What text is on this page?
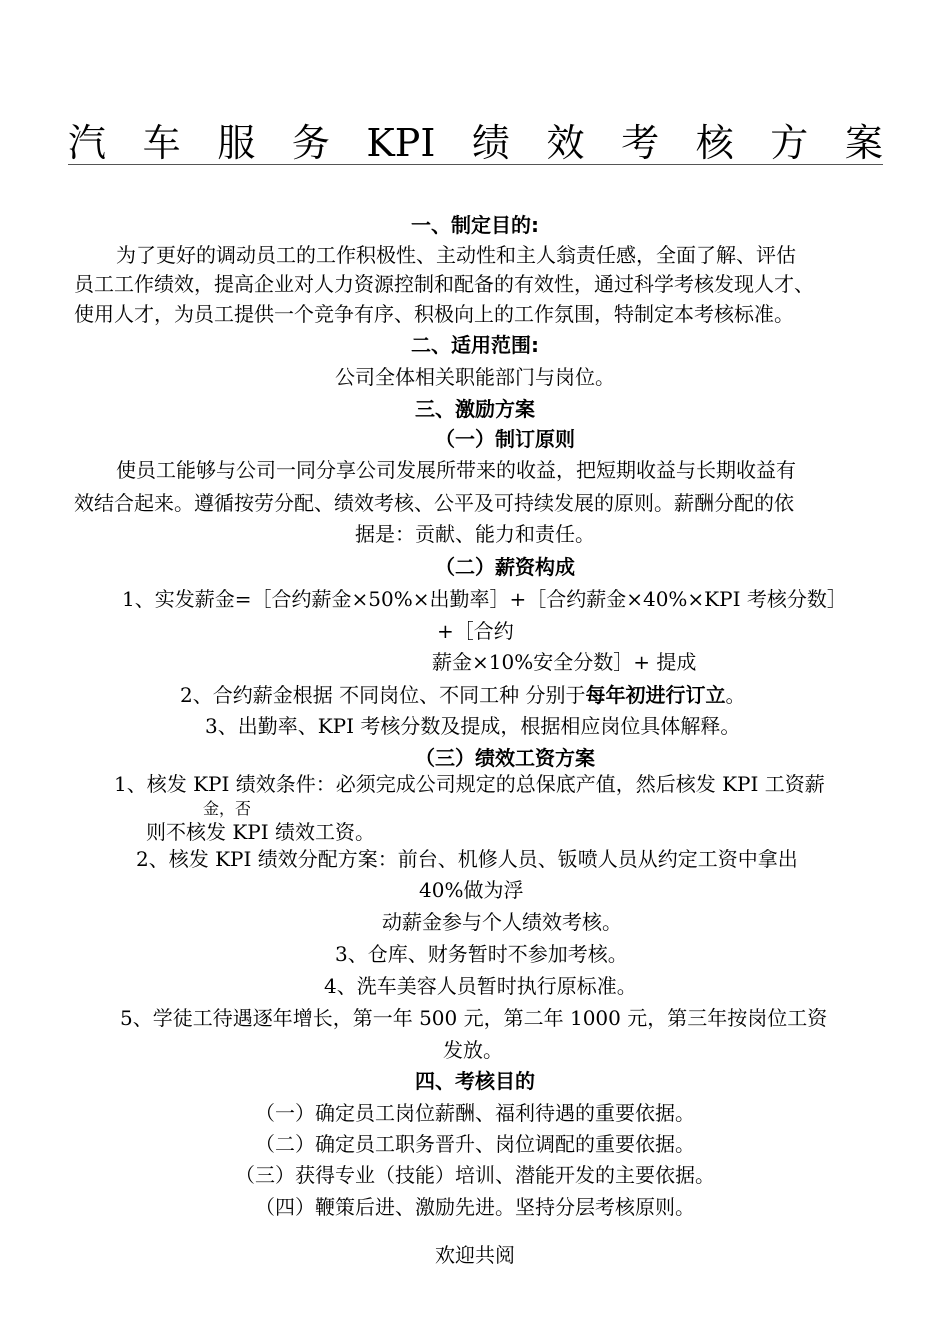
汽 车 服 务 KPI 绩 效 考 核 方 案
一、制定目的:
为了更好的调动员工的工作积极性、主动性和主人翁责任感，全面了解、评估
员工工作绩效，提高企业对人力资源控制和配备的有效性，通过科学考核发现人才、
使用人才，为员工提供一个竞争有序、积极向上的工作氛围，特制定本考核标准。
二、适用范围:
公司全体相关职能部门与岗位。
三、激励方案
（一）制订原则
使员工能够与公司一同分享公司发展所带来的收益，把短期收益与长期收益有
效结合起来。遵循按劳分配、绩效考核、公平及可持续发展的原则。薪酬分配的依
据是：贡献、能力和责任。
（二）薪资构成
1、实发薪金=［合约薪金×50%×出勤率］+［合约薪金×40%×KPI 考核分数］
+［合约
薪金×10%安全分数］+ 提成
2、合约薪金根据 不同岗位、不同工种 分别于每年初进行订立。
3、出勤率、KPI 考核分数及提成，根据相应岗位具体解释。
（三）绩效工资方案
1、核发 KPI 绩效条件：必须完成公司规定的总保底产值，然后核发 KPI 工资薪
金，否
则不核发 KPI 绩效工资。
2、核发 KPI 绩效分配方案：前台、机修人员、钣喷人员从约定工资中拿出
40%做为浮
动薪金参与个人绩效考核。
3、仓库、财务暂时不参加考核。
4、洗车美容人员暂时执行原标准。
5、学徒工待遇逐年增长，第一年 500 元，第二年 1000 元，第三年按岗位工资
发放。
四、考核目的
（一）确定员工岗位薪酬、福利待遇的重要依据。
（二）确定员工职务晋升、岗位调配的重要依据。
（三）获得专业（技能）培训、潜能开发的主要依据。
（四）鞭策后进、激励先进。坚持分层考核原则。
欢迎共阅
